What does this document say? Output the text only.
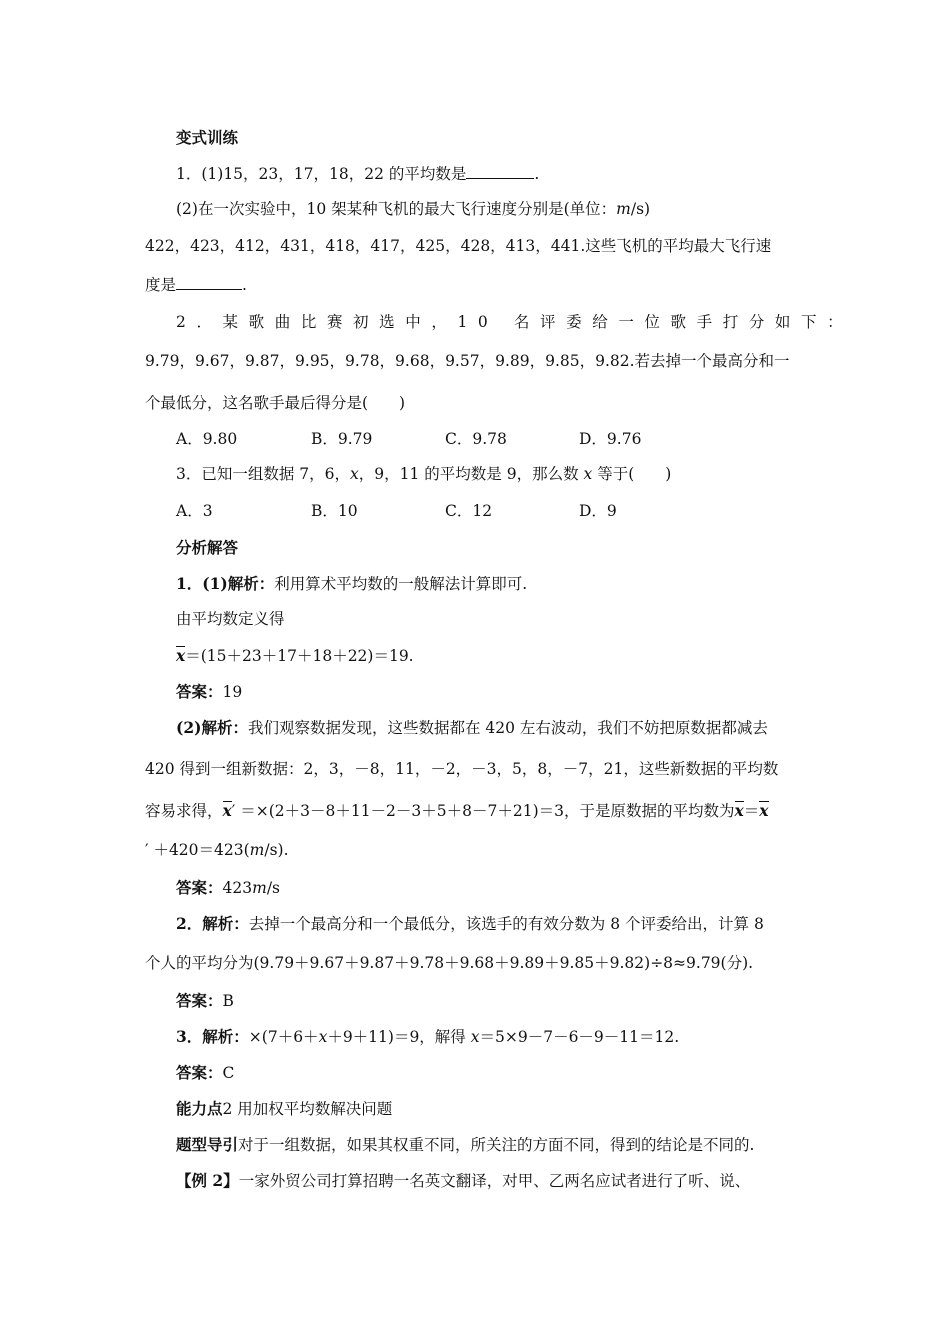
变式训练
1．(1)15，23，17，18，22 的平均数是	.
(2)在一次实验中，10 架某种飞机的最大飞行速度分别是(单位：m/s)
422，423，412，431，418，417，425，428，413，441.这些飞机的平均最大飞行速
度是	.
2．某歌曲比赛初选中，10 名评委给一位歌手打分如下：
9.79，9.67，9.87，9.95，9.78，9.68，9.57，9.89，9.85，9.82.若去掉一个最高分和一
个最低分，这名歌手最后得分是(　　)
A．9.80	B．9.79	C．9.78	D．9.76
3．已知一组数据 7，6，x，9，11 的平均数是 9，那么数 x 等于(　　)
A．3	B．10	C．12	D．9
分析解答
1．(1)解析：利用算术平均数的一般解法计算即可.
由平均数定义得
x＝(15＋23＋17＋18＋22)＝19.
答案：19
(2)解析：我们观察数据发现，这些数据都在 420 左右波动，我们不妨把原数据都减去
420 得到一组新数据：2，3，－8，11，－2，－3，5，8，－7，21，这些新数据的平均数
容易求得，x′ ＝×(2＋3－8＋11－2－3＋5＋8－7＋21)＝3，于是原数据的平均数为x＝x
′ ＋420＝423(m/s).
答案：423m/s
2．解析：去掉一个最高分和一个最低分，该选手的有效分数为 8 个评委给出，计算 8
个人的平均分为(9.79＋9.67＋9.87＋9.78＋9.68＋9.89＋9.85＋9.82)÷8≈9.79(分).
答案：B
3．解析：×(7＋6＋x＋9＋11)＝9，解得 x＝5×9－7－6－9－11＝12.
答案：C
能力点2 用加权平均数解决问题
题型导引对于一组数据，如果其权重不同，所关注的方面不同，得到的结论是不同的.
【例 2】一家外贸公司打算招聘一名英文翻译，对甲、乙两名应试者进行了听、说、
